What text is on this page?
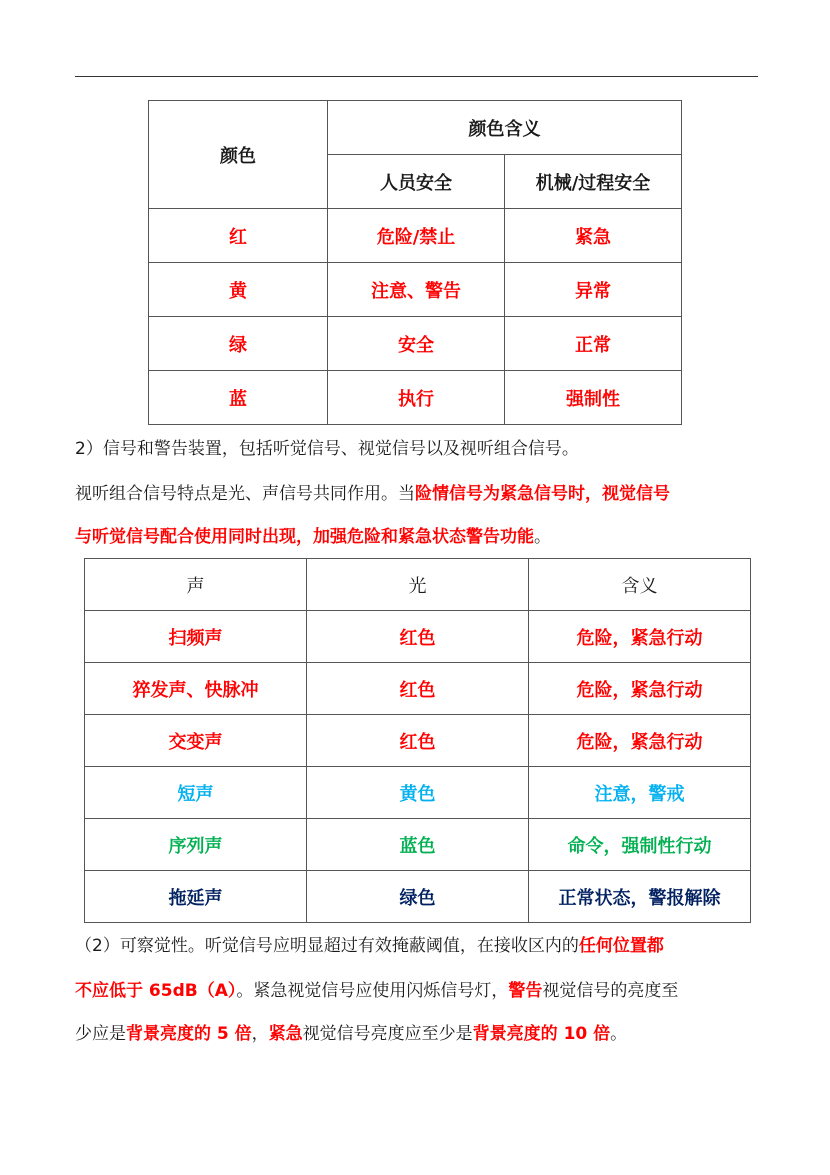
颜色	颜色含义	
	人员安全	机械/过程安全
红	危险/禁止	紧急
黄	注意、警告	异常
绿	安全	正常
蓝	执行	强制性
2）信号和警告装置，包括听觉信号、视觉信号以及视听组合信号。
视听组合信号特点是光、声信号共同作用。当险情信号为紧急信号时，视觉信号
与听觉信号配合使用同时出现，加强危险和紧急状态警告功能。
声	光	含义
扫频声	红色	危险，紧急行动
猝发声、快脉冲	红色	危险，紧急行动
交变声	红色	危险，紧急行动
短声	黄色	注意，警戒
序列声	蓝色	命令，强制性行动
拖延声	绿色	正常状态，警报解除
（2）可察觉性。听觉信号应明显超过有效掩蔽阈值，在接收区内的任何位置都
不应低于 65dB（A）。紧急视觉信号应使用闪烁信号灯，警告视觉信号的亮度至
少应是背景亮度的 5 倍，紧急视觉信号亮度应至少是背景亮度的 10 倍。
